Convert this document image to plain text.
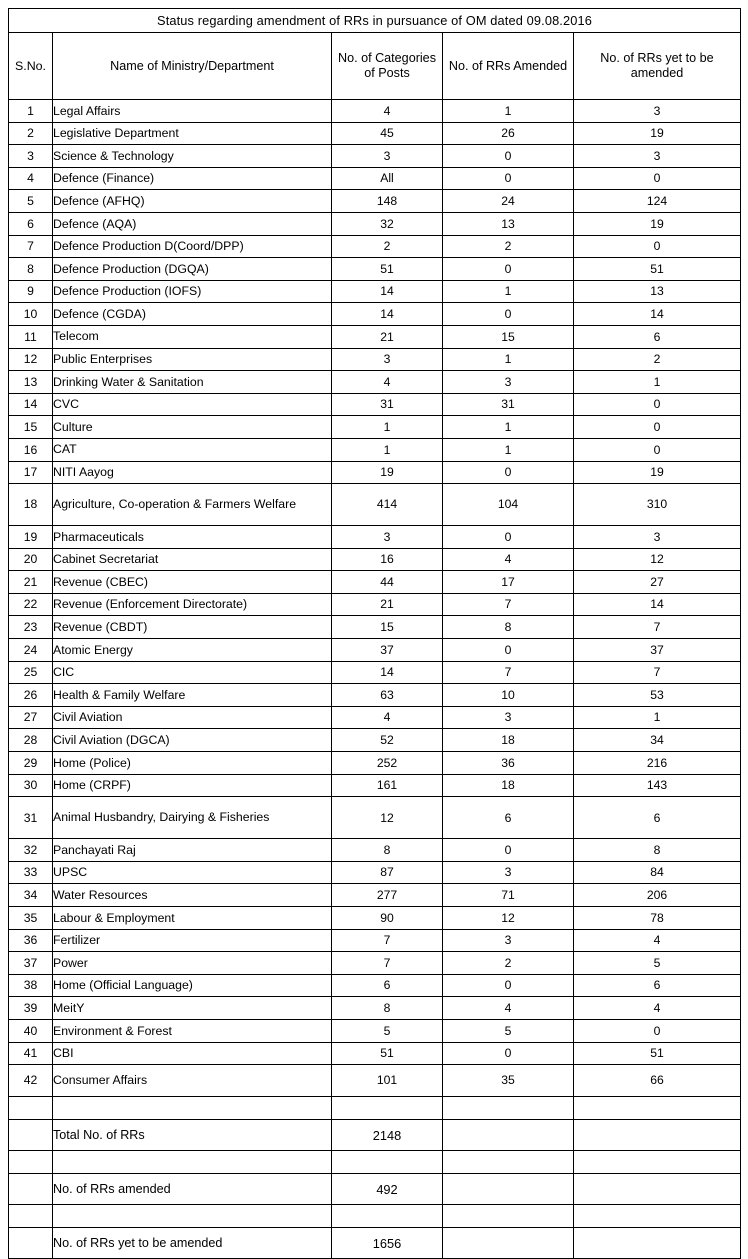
Status regarding amendment of RRs in pursuance of OM dated 09.08.2016				
S.No.	Name of Ministry/Department	No. of Categories of Posts	No. of RRs Amended	No. of RRs yet to be amended
1	Legal Affairs	4	1	3
2	Legislative Department	45	26	19
3	Science & Technology	3	0	3
4	Defence (Finance)	All	0	0
5	Defence (AFHQ)	148	24	124
6	Defence (AQA)	32	13	19
7	Defence Production D(Coord/DPP)	2	2	0
8	Defence Production (DGQA)	51	0	51
9	Defence Production (IOFS)	14	1	13
10	Defence (CGDA)	14	0	14
11	Telecom	21	15	6
12	Public Enterprises	3	1	2
13	Drinking Water & Sanitation	4	3	1
14	CVC	31	31	0
15	Culture	1	1	0
16	CAT	1	1	0
17	NITI Aayog	19	0	19
18	Agriculture, Co-operation & Farmers Welfare	414	104	310
19	Pharmaceuticals	3	0	3
20	Cabinet Secretariat	16	4	12
21	Revenue (CBEC)	44	17	27
22	Revenue (Enforcement Directorate)	21	7	14
23	Revenue (CBDT)	15	8	7
24	Atomic Energy	37	0	37
25	CIC	14	7	7
26	Health & Family Welfare	63	10	53
27	Civil Aviation	4	3	1
28	Civil Aviation (DGCA)	52	18	34
29	Home (Police)	252	36	216
30	Home (CRPF)	161	18	143
31	Animal Husbandry, Dairying & Fisheries	12	6	6
32	Panchayati Raj	8	0	8
33	UPSC	87	3	84
34	Water Resources	277	71	206
35	Labour & Employment	90	12	78
36	Fertilizer	7	3	4
37	Power	7	2	5
38	Home (Official Language)	6	0	6
39	MeitY	8	4	4
40	Environment & Forest	5	5	0
41	CBI	51	0	51
42	Consumer Affairs	101	35	66

	Total No. of RRs	2148		

	No. of RRs amended	492		

	No. of RRs yet to be amended	1656		
